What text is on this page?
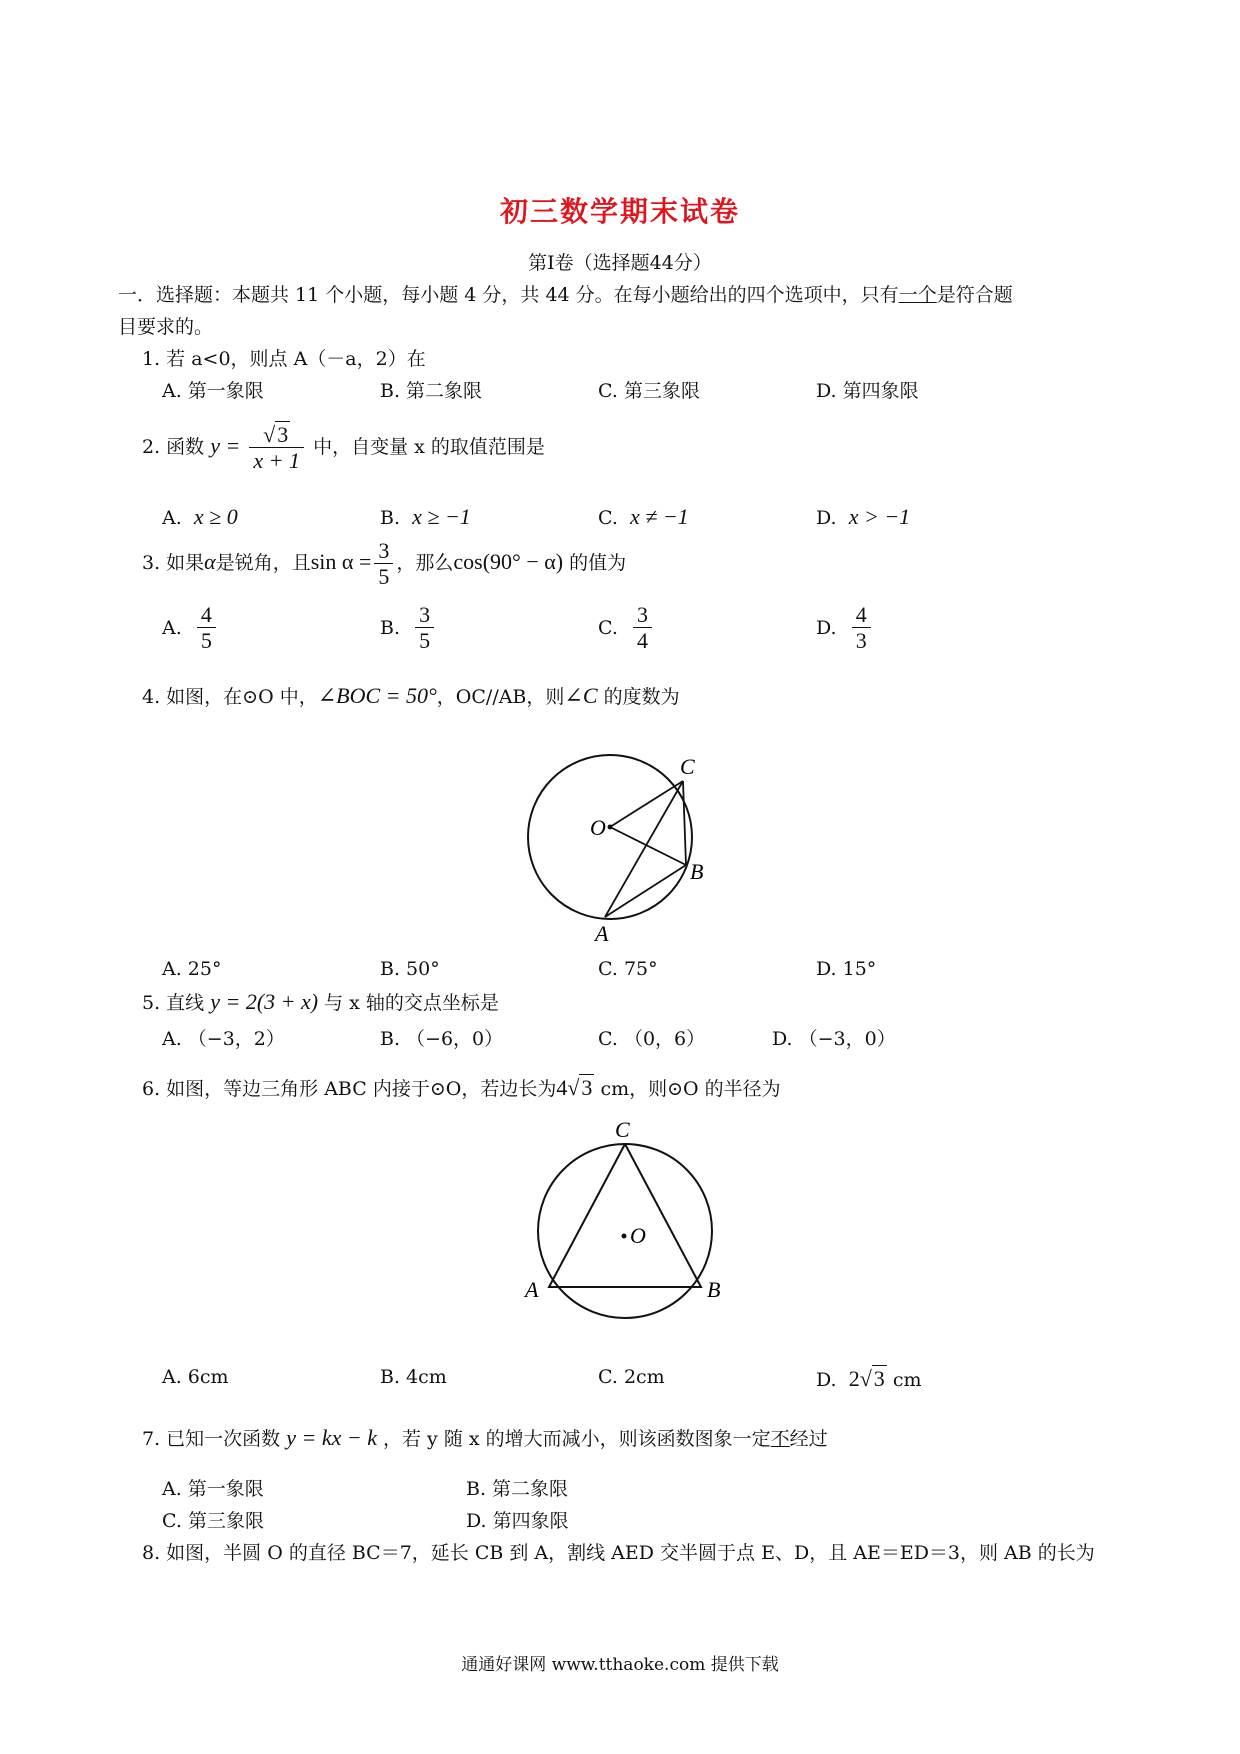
初三数学期末试卷
第Ⅰ卷（选择题44分）
一．选择题：本题共 11 个小题，每小题 4 分，共 44 分。在每小题给出的四个选项中，只有一个是符合题
目要求的。
1. 若 a<0，则点 A（－a，2）在
A. 第一象限	B. 第二象限	C. 第三象限	D. 第四象限
2. 函数 $y = \frac{√3}{x + 1}$ 中，自变量 x 的取值范围是
A. x ≥ 0	B. x ≥ −1	C. x ≠ −1	D. x > −1
3. 如果α是锐角，且$\sin \alpha = \frac{3}{5}$ ，那么cos(90° − α) 的值为
A. $\frac{4}{5}$	B. $\frac{3}{5}$	C. $\frac{3}{4}$	D. $\frac{4}{3}$
4. 如图，在⊙O 中，∠BOC = 50°，OC//AB，则∠C 的度数为
O
C
B
A
A. 25°	B. 50°	C. 75°	D. 15°
5. 直线 y = 2(3 + x) 与 x 轴的交点坐标是
A. （−3，2）	B. （−6，0）	C. （0，6）	D. （−3，0）
6. 如图，等边三角形 ABC 内接于⊙O，若边长为4√3 cm，则⊙O 的半径为
O
C
A	B
A. 6cm	B. 4cm	C. 2cm	D. 2√3 cm
7. 已知一次函数 y = kx − k ，若 y 随 x 的增大而减小，则该函数图象一定不经过
A. 第一象限	B. 第二象限
C. 第三象限	D. 第四象限
8. 如图，半圆 O 的直径 BC＝7，延长 CB 到 A，割线 AED 交半圆于点 E、D，且 AE＝ED＝3，则 AB 的长为
通通好课网 www.tthaoke.com 提供下载
